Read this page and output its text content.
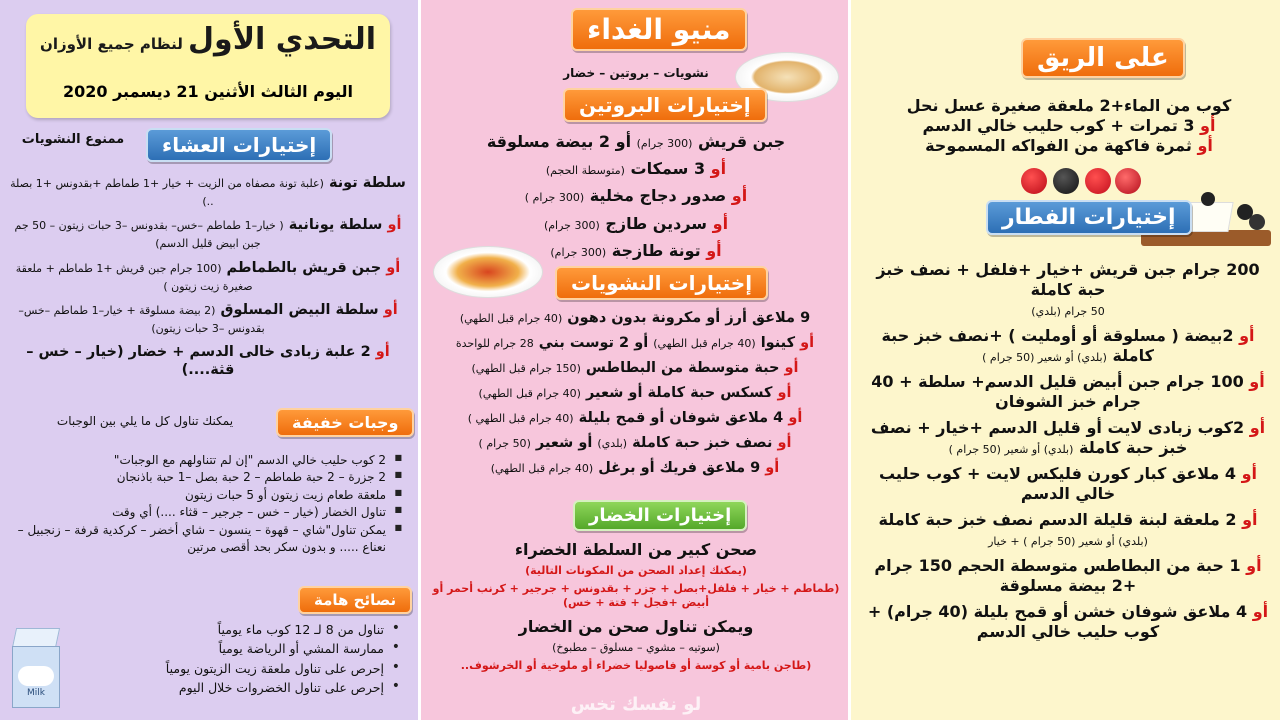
على الريق
كوب من الماء+2 ملعقة صغيرة عسل نحل
أو 3 تمرات + كوب حليب خالي الدسم
أو ثمرة فاكهة من الفواكه المسموحة
إختيارات الفطار
200 جرام جبن قريش +خيار +فلفل + نصف خبز حبة كاملة
50 جرام (بلدي)
أو 2بيضة ( مسلوقة أو أومليت ) +نصف خبز حبة كاملة (بلدي) أو شعير (50 جرام )
أو 100 جرام جبن أبيض قليل الدسم+ سلطة + 40 جرام خبز الشوفان
أو 2كوب زبادى لايت أو قليل الدسم +خيار + نصف خبز حبة كاملة (بلدي) أو شعير (50 جرام )
أو 4 ملاعق كبار كورن فليكس لايت + كوب حليب خالي الدسم
أو 2 ملعقة لبنة قليلة الدسم نصف خبز حبة كاملة (بلدي) أو شعير (50 جرام ) + خيار
أو 1 حبة من البطاطس متوسطة الحجم 150 جرام +2 بيضة مسلوقة
أو 4 ملاعق شوفان خشن أو قمح بليلة (40 جرام) + كوب حليب خالي الدسم
منيو الغداء
نشويات – بروتين – خضار
إختيارات البروتين
جبن قريش (300 جرام) أو 2 بيضة مسلوقة
أو 3 سمكات (متوسطة الحجم)
أو صدور دجاج مخلية (300 جرام )
أو سردين طازج (300 جرام)
أو تونة طازجة (300 جرام)
إختيارات النشويات
9 ملاعق أرز أو مكرونة بدون دهون (40 جرام قبل الطهي)
أو كينوا (40 جرام قبل الطهي) أو 2 توست بني 28 جرام للواحدة
أو حبة متوسطة من البطاطس (150 جرام قبل الطهي)
أو كسكس حبة كاملة أو شعير (40 جرام قبل الطهي)
أو 4 ملاعق شوفان أو قمح بليلة (40 جرام قبل الطهي )
أو نصف خبز حبة كاملة (بلدي) أو شعير (50 جرام )
أو 9 ملاعق فريك أو برغل (40 جرام قبل الطهي)
إختيارات الخضار
صحن كبير من السلطة الخضراء
(يمكنك إعداد الصحن من المكونات التالية)
(طماطم + خيار + فلفل+بصل + جزر + بقدونس + جرجير + كرنب أحمر أو أبيض +فجل + قتة + خس)
ويمكن تناول صحن من الخضار
(سوتيه – مشوي – مسلوق – مطبوخ)
(طاجن بامية أو كوسة أو فاصوليا خضراء أو ملوخية أو الخرشوف..
لو نفسك تخس
التحدي الأول لنظام جميع الأوزان
اليوم الثالث الأثنين 21 ديسمبر 2020
إختيارات العشاء
ممنوع النشويات
سلطة تونة (علبة تونة مصفاه من الزيت + خيار +1 طماطم +بقدونس +1 بصلة ..)
أو سلطة يونانية ( خيار–1 طماطم –خس– بقدونس –3 حبات زيتون – 50 جم جبن ابيض قليل الدسم)
أو جبن قريش بالطماطم (100 جرام جبن قريش +1 طماطم + ملعقة صغيرة زيت زيتون )
أو سلطة البيض المسلوق (2 بيضة مسلوقة + خيار–1 طماطم –خس– بقدونس –3 حبات زيتون)
أو 2 علبة زبادى خالى الدسم + خضار (خيار – خس – قثة....)
وجبات خفيفة
يمكنك تناول كل ما يلي بين الوجبات
■ 2 كوب حليب خالي الدسم "إن لم تتناولهم مع الوجبات"
■ 2 جزرة – 2 حبة طماطم – 2 حبة بصل –1 حبة باذنجان
■ ملعقة طعام زيت زيتون أو 5 حبات زيتون
■ تناول الخضار (خيار – خس – جرجير – قثاء ....) أي وقت
■ يمكن تناول"شاي – قهوة – ينسون – شاي أخضر – كركدية قرفة – زنجبيل – نعناع ..... و بدون سكر بحد أقصى مرتين
نصائح هامة
• تناول من 8 لـ 12 كوب ماء يومياً
• ممارسة المشي أو الرياضة يومياً
• إحرص على تناول ملعقة زيت الزيتون يومياً
• إحرص على تناول الخضروات خلال اليوم
Milk
